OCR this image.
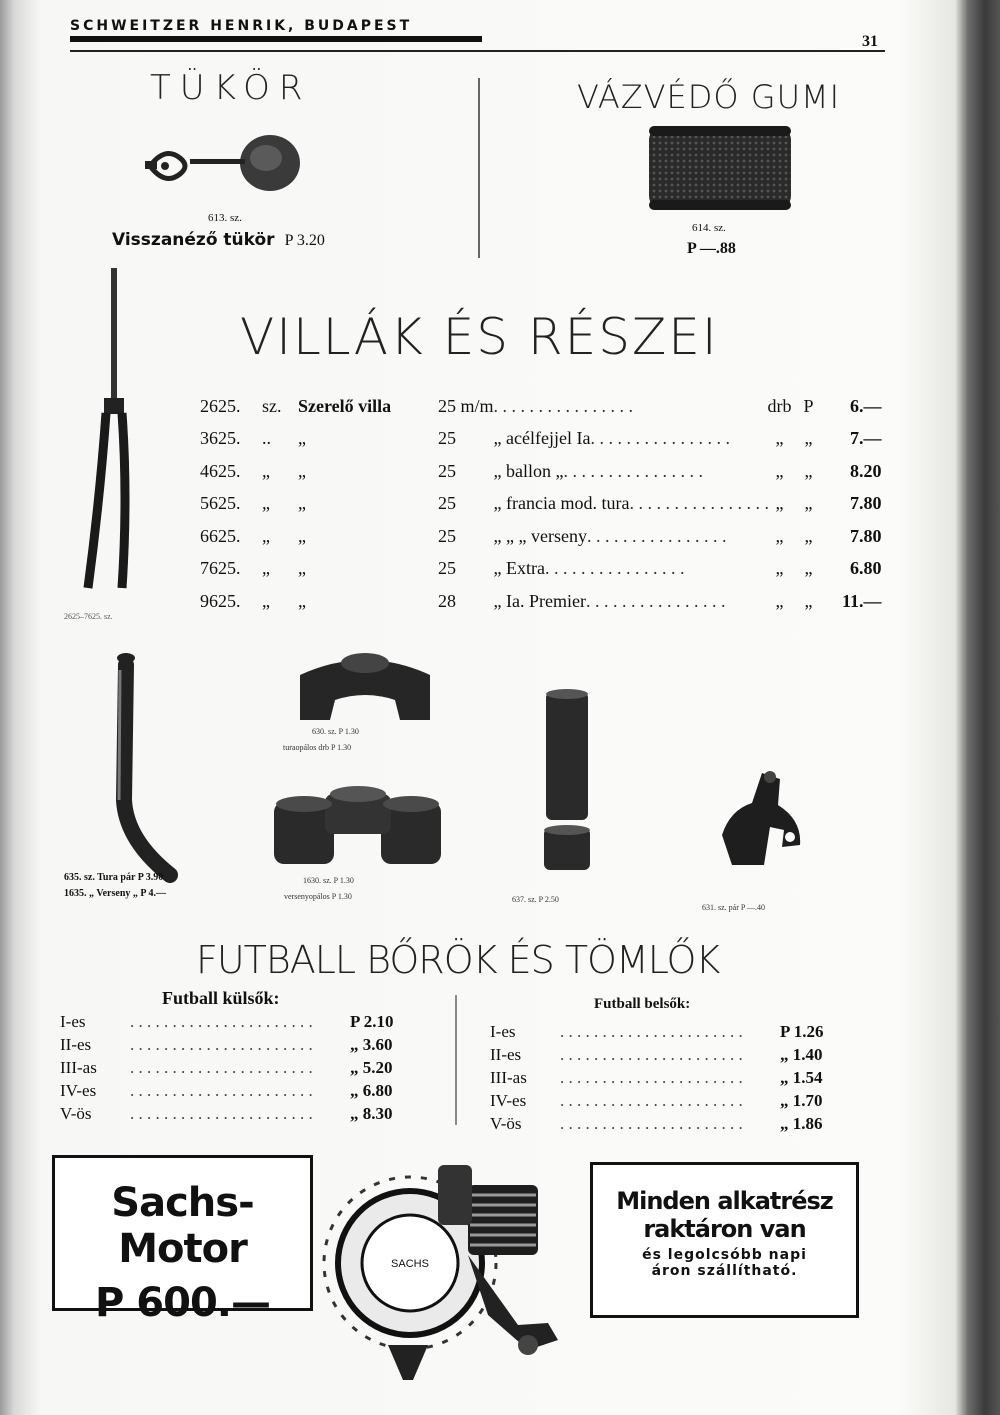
SCHWEITZER HENRIK, BUDAPEST
31
TÜKÖR
613. sz.
Visszanéző tükör P 3.20
VÁZVÉDŐ GUMI
614. sz.
P —.88
VILLÁK ÉS RÉSZEI
2625–7625. sz.
2625.	sz.	Szerelő villa	25 m/m	. . . . . . . . . . . . . . . .	drb	P	6.—
3625.	..	„	25	„ acélfejjel Ia. . . . . . . . . . . . . . . .	„	„	7.—
4625.	„	„	25	„ ballon „. . . . . . . . . . . . . . . .	„	„	8.20
5625.	„	„	25	„ francia mod. tura. . . . . . . . . . . . . . . .	„	„	7.80
6625.	„	„	25	„ „ „ verseny. . . . . . . . . . . . . . . .	„	„	7.80
7625.	„	„	25	„ Extra. . . . . . . . . . . . . . . .	„	„	6.80
9625.	„	„	28	„ Ia. Premier. . . . . . . . . . . . . . . .	„	„	11.—
635. sz. Tura pár P 3.90
1635. „ Verseny „ P 4.—
630. sz. P 1.30
turaopálos drb P 1.30
1630. sz. P 1.30
versenyopálos P 1.30	637. sz. P 2.50
631. sz. pár P —.40
FUTBALL BŐRÖK ÉS TÖMLŐK
Futball külsők:	Futball belsők:
I-es	. . . . . . . . . . . . . . . . . . . . . . P 2.10
II-es . . . . . . . . . . . . . . . . . . . . . . „ 3.60
III-as . . . . . . . . . . . . . . . . . . . . . . „ 5.20
IV-es . . . . . . . . . . . . . . . . . . . . . . „ 6.80
V-ös . . . . . . . . . . . . . . . . . . . . . . „ 8.30
I-es	. . . . . . . . . . . . . . . . . . . . . . P 1.26
II-es . . . . . . . . . . . . . . . . . . . . . . „ 1.40
III-as . . . . . . . . . . . . . . . . . . . . . . „ 1.54
IV-es . . . . . . . . . . . . . . . . . . . . . . „ 1.70
V-ös . . . . . . . . . . . . . . . . . . . . . . „ 1.86
Sachs-Motor
P 600.—
SACHS
Minden alkatrész
raktáron van
és legolcsóbb napi
áron szállítható.
